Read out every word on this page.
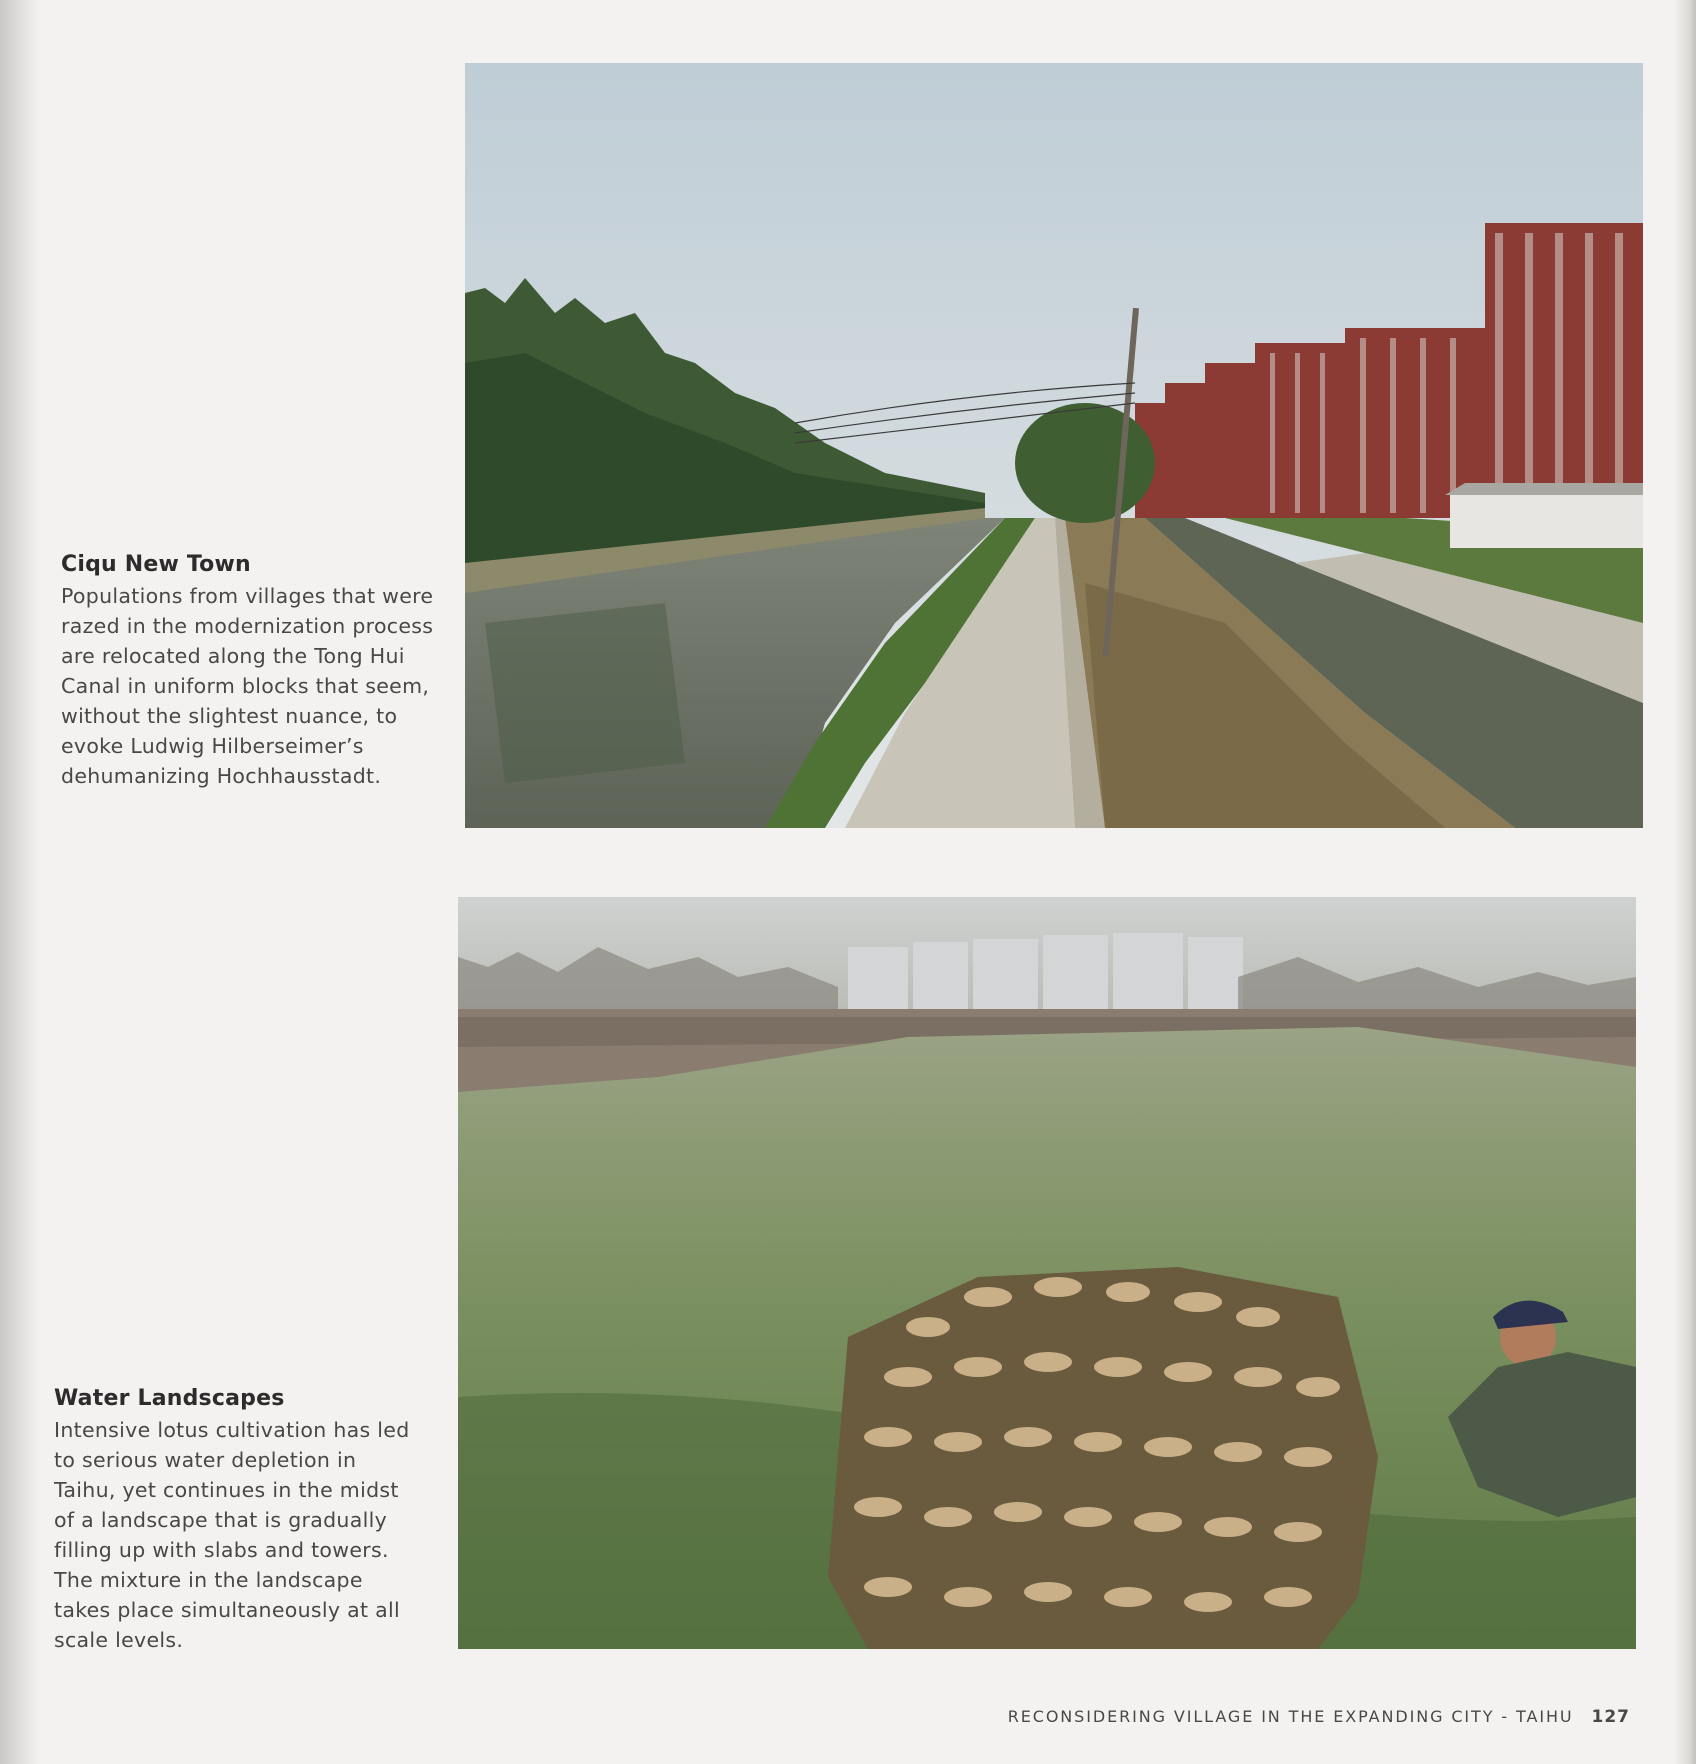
Ciqu New Town

Populations from villages that were razed in the modernization process are relocated along the Tong Hui Canal in uniform blocks that seem, without the slightest nuance, to evoke Ludwig Hilberseimer’s dehumanizing Hochhausstadt.

Water Landscapes

Intensive lotus cultivation has led to serious water depletion in Taihu, yet continues in the midst of a landscape that is gradually filling up with slabs and towers. The mixture in the landscape takes place simultaneously at all scale levels.

RECONSIDERING VILLAGE IN THE EXPANDING CITY - TAIHU 127
